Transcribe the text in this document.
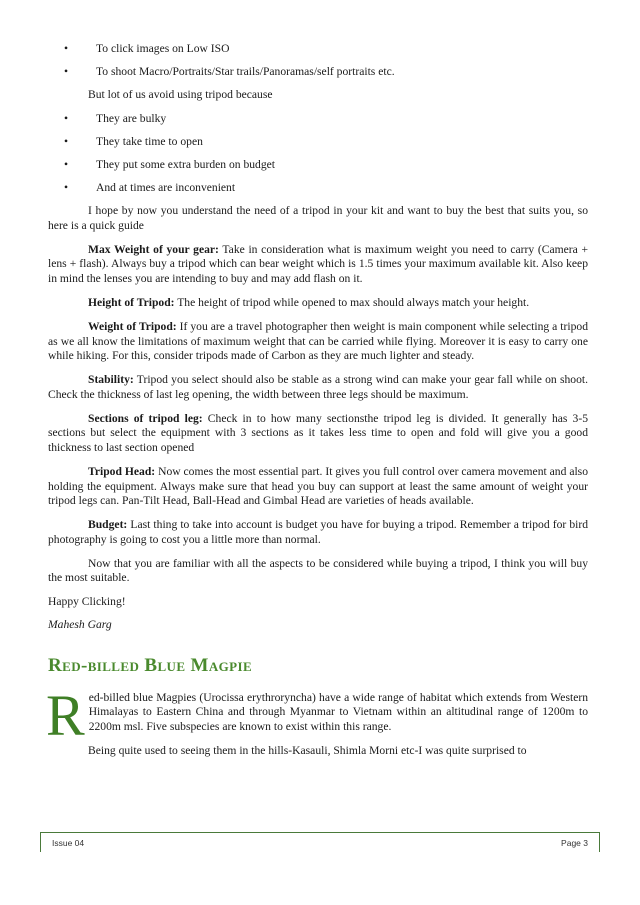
• To click images on Low ISO
• To shoot Macro/Portraits/Star trails/Panoramas/self portraits etc.

But lot of us avoid using tripod because

• They are bulky
• They take time to open
• They put some extra burden on budget
• And at times are inconvenient

I hope by now you understand the need of a tripod in your kit and want to buy the best that suits you, so here is a quick guide

Max Weight of your gear: Take in consideration what is maximum weight you need to carry (Camera + lens + flash). Always buy a tripod which can bear weight which is 1.5 times your maximum available kit. Also keep in mind the lenses you are intending to buy and may add flash on it.

Height of Tripod: The height of tripod while opened to max should always match your height.

Weight of Tripod: If you are a travel photographer then weight is main component while selecting a tripod as we all know the limitations of maximum weight that can be carried while flying. Moreover it is easy to carry one while hiking. For this, consider tripods made of Carbon as they are much lighter and steady.

Stability: Tripod you select should also be stable as a strong wind can make your gear fall while on shoot. Check the thickness of last leg opening, the width between three legs should be maximum.

Sections of tripod leg: Check in to how many sectionsthe tripod leg is divided. It generally has 3-5 sections but select the equipment with 3 sections as it takes less time to open and fold will give you a good thickness to last section opened

Tripod Head: Now comes the most essential part. It gives you full control over camera movement and also holding the equipment. Always make sure that head you buy can support at least the same amount of weight your tripod legs can. Pan-Tilt Head, Ball-Head and Gimbal Head are varieties of heads available.

Budget: Last thing to take into account is budget you have for buying a tripod. Remember a tripod for bird photography is going to cost you a little more than normal.

Now that you are familiar with all the aspects to be considered while buying a tripod, I think you will buy the most suitable.

Happy Clicking!

Mahesh Garg

Red-billed Blue Magpie

Red-billed blue Magpies (Urocissa erythroryncha) have a wide range of habitat which extends from Western Himalayas to Eastern China and through Myanmar to Vietnam within an altitudinal range of 1200m to 2200m msl. Five subspecies are known to exist within this range.

Being quite used to seeing them in the hills-Kasauli, Shimla Morni etc-I was quite surprised to

Issue 04	Page 3
